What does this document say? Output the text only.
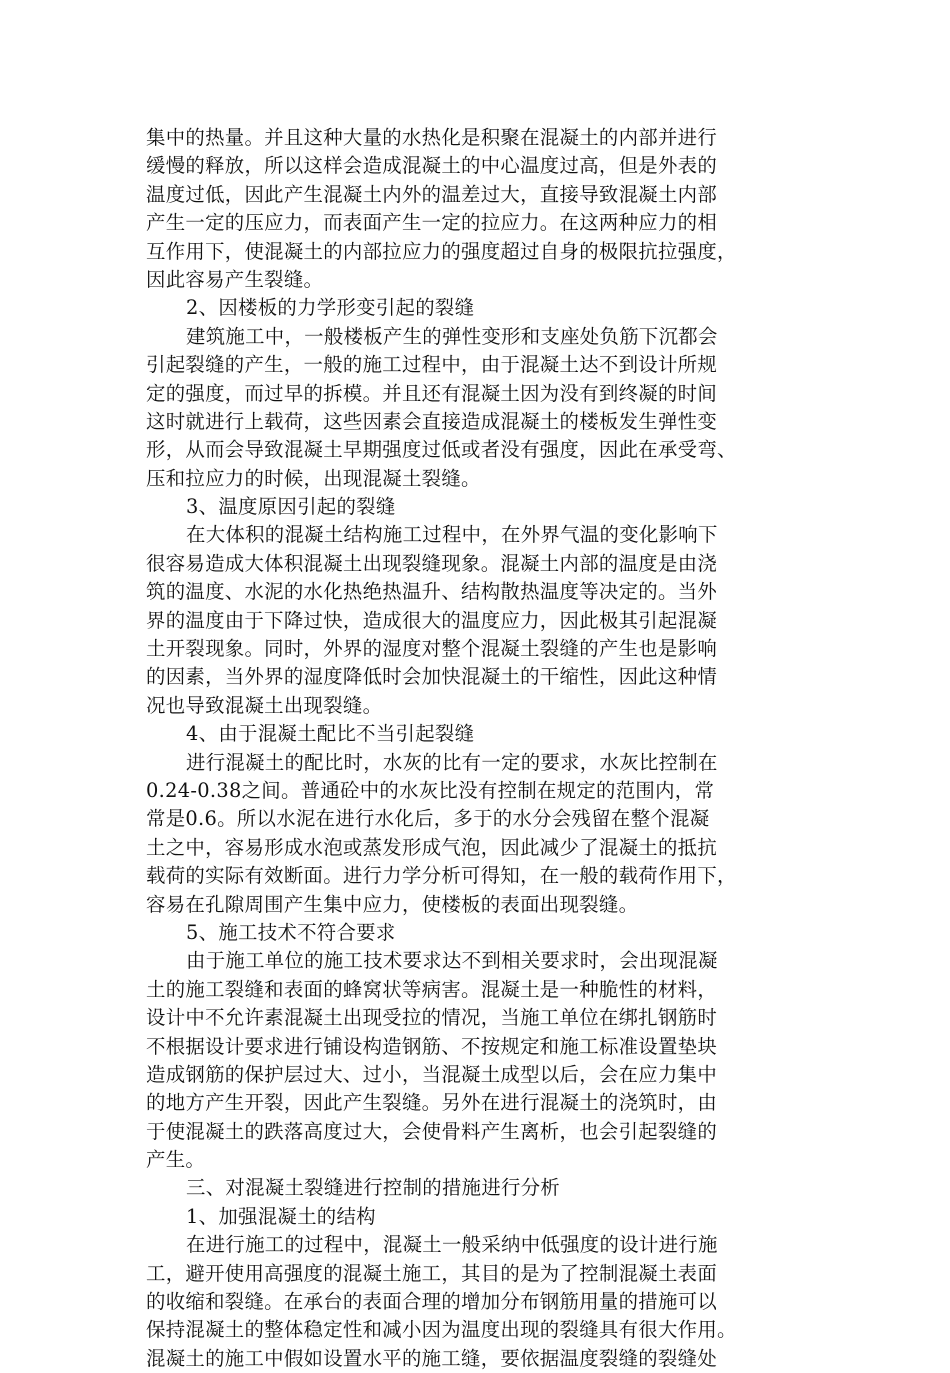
集中的热量。并且这种大量的水热化是积聚在混凝土的内部并进行
缓慢的释放，所以这样会造成混凝土的中心温度过高，但是外表的
温度过低，因此产生混凝土内外的温差过大，直接导致混凝土内部
产生一定的压应力，而表面产生一定的拉应力。在这两种应力的相
互作用下，使混凝土的内部拉应力的强度超过自身的极限抗拉强度，
因此容易产生裂缝。
2、因楼板的力学形变引起的裂缝
建筑施工中，一般楼板产生的弹性变形和支座处负筋下沉都会
引起裂缝的产生，一般的施工过程中，由于混凝土达不到设计所规
定的强度，而过早的拆模。并且还有混凝土因为没有到终凝的时间
这时就进行上载荷，这些因素会直接造成混凝土的楼板发生弹性变
形，从而会导致混凝土早期强度过低或者没有强度，因此在承受弯、
压和拉应力的时候，出现混凝土裂缝。
3、温度原因引起的裂缝
在大体积的混凝土结构施工过程中，在外界气温的变化影响下
很容易造成大体积混凝土出现裂缝现象。混凝土内部的温度是由浇
筑的温度、水泥的水化热绝热温升、结构散热温度等决定的。当外
界的温度由于下降过快，造成很大的温度应力，因此极其引起混凝
土开裂现象。同时，外界的湿度对整个混凝土裂缝的产生也是影响
的因素，当外界的湿度降低时会加快混凝土的干缩性，因此这种情
况也导致混凝土出现裂缝。
4、由于混凝土配比不当引起裂缝
进行混凝土的配比时，水灰的比有一定的要求，水灰比控制在
0.24-0.38之间。普通砼中的水灰比没有控制在规定的范围内，常
常是0.6。所以水泥在进行水化后，多于的水分会残留在整个混凝
土之中，容易形成水泡或蒸发形成气泡，因此减少了混凝土的抵抗
载荷的实际有效断面。进行力学分析可得知，在一般的载荷作用下，
容易在孔隙周围产生集中应力，使楼板的表面出现裂缝。
5、施工技术不符合要求
由于施工单位的施工技术要求达不到相关要求时，会出现混凝
土的施工裂缝和表面的蜂窝状等病害。混凝土是一种脆性的材料，
设计中不允许素混凝土出现受拉的情况，当施工单位在绑扎钢筋时
不根据设计要求进行铺设构造钢筋、不按规定和施工标准设置垫块
造成钢筋的保护层过大、过小，当混凝土成型以后，会在应力集中
的地方产生开裂，因此产生裂缝。另外在进行混凝土的浇筑时，由
于使混凝土的跌落高度过大，会使骨料产生离析，也会引起裂缝的
产生。
三、对混凝土裂缝进行控制的措施进行分析
1、加强混凝土的结构
在进行施工的过程中，混凝土一般采纳中低强度的设计进行施
工，避开使用高强度的混凝土施工，其目的是为了控制混凝土表面
的收缩和裂缝。在承台的表面合理的增加分布钢筋用量的措施可以
保持混凝土的整体稳定性和减小因为温度出现的裂缝具有很大作用。
混凝土的施工中假如设置水平的施工缝，要依据温度裂缝的裂缝处
